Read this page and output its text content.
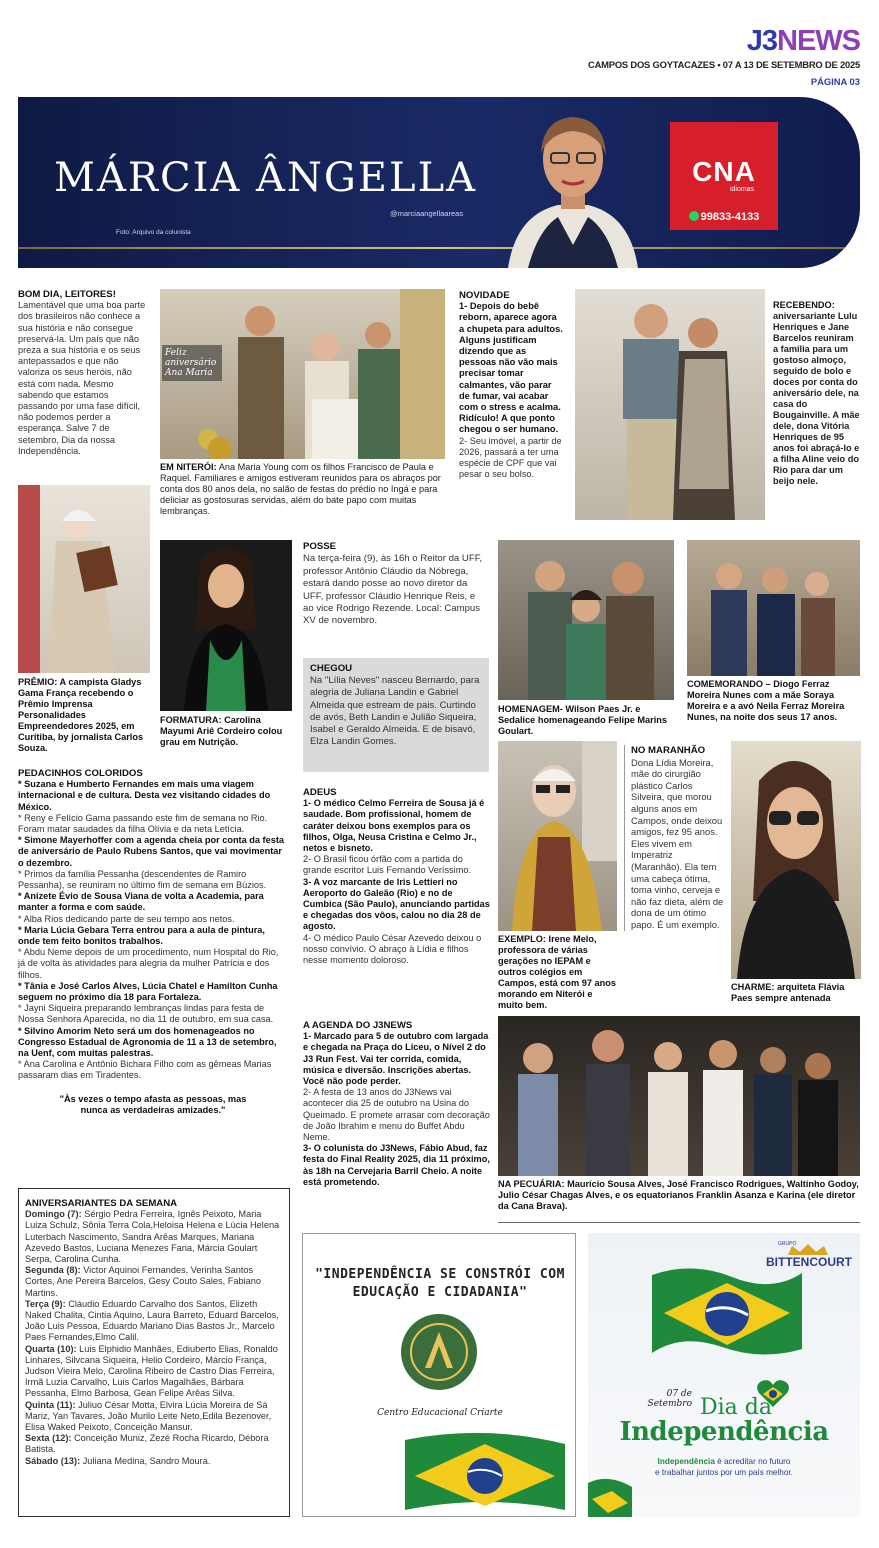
J3NEWS
CAMPOS DOS GOYTACAZES • 07 A 13 DE SETEMBRO DE 2025
PÁGINA 03
MÁRCIA ÂNGELLA
@marciaangellaareas
Foto: Arquivo da colunista
CNA
idiomas
99833-4133
BOM DIA, LEITORES!
Lamentável que uma boa parte dos brasileiros não conhece a sua história e não consegue preservá-la. Um país que não preza a sua história e os seus antepassados e que não valoriza os seus heróis, não está com nada. Mesmo sabendo que estamos passando por uma fase difícil, não podemos perder a esperança. Salve 7 de setembro, Dia da nossa Independência.
Feliz aniversário Ana Maria
EM NITERÓI: Ana Maria Young com os filhos Francisco de Paula e Raquel. Familiares e amigos estiveram reunidos para os abraços por conta dos 80 anos dela, no salão de festas do prédio no Ingá e para deliciar as gostosuras servidas, além do bate papo com muitas lembranças.
NOVIDADE
1- Depois do bebê reborn, aparece agora a chupeta para adultos. Alguns justificam dizendo que as pessoas não vão mais precisar tomar calmantes, vão parar de fumar, vai acabar com o stress e acalma. Ridículo! A que ponto chegou o ser humano.
2- Seu imóvel, a partir de 2026, passará a ter uma espécie de CPF que vai pesar o seu bolso.
RECEBENDO: aniversariante Lulu Henriques e Jane Barcelos reuniram a família para um gostoso almoço, seguido de bolo e doces por conta do aniversário dele, na casa do Bougainville. A mãe dele, dona Vitória Henriques de 95 anos foi abraçá-lo e a filha Aline veio do Rio para dar um beijo nele.
PRÊMIO: A campista Gladys Gama França recebendo o Prêmio Imprensa Personalidades Empreendedores 2025, em Curitiba, by jornalista Carlos Souza.
FORMATURA: Carolina Mayumi Ariê Cordeiro colou grau em Nutrição.
POSSE
Na terça-feira (9), às 16h o Reitor da UFF, professor Antônio Cláudio da Nóbrega, estará dando posse ao novo diretor da UFF, professor Cláudio Henrique Reis, e ao vice Rodrigo Rezende. Local: Campus XV de novembro.
CHEGOU
Na "Lília Neves" nasceu Bernardo, para alegria de Juliana Landin e Gabriel Almeida que estream de pais. Curtindo de avós, Beth Landin e Julião Siqueira, Isabel e Geraldo Almeida. E de bisavó, Elza Landin Gomes.
HOMENAGEM- Wilson Paes Jr. e Sedalice homenageando Felipe Marins Goulart.
COMEMORANDO – Diogo Ferraz Moreira Nunes com a mãe Soraya Moreira e a avó Neila Ferraz Moreira Nunes, na noite dos seus 17 anos.
PEDACINHOS COLORIDOS
* Suzana e Humberto Fernandes em mais uma viagem internacional e de cultura. Desta vez visitando cidades do México.
* Reny e Felício Gama passando este fim de semana no Rio. Foram matar saudades da filha Olívia e da neta Letícia.
* Simone Mayerhoffer com a agenda cheia por conta da festa de aniversário de Paulo Rubens Santos, que vai movimentar o dezembro.
* Primos da família Pessanha (descendentes de Ramiro Pessanha), se reuniram no último fim de semana em Búzios.
* Anizete Évio de Sousa Viana de volta a Academia, para manter a forma e com saúde.
* Alba Rios dedicando parte de seu tempo aos netos.
* Maria Lúcia Gebara Terra entrou para a aula de pintura, onde tem feito bonitos trabalhos.
* Abdu Neme depois de um procedimento, num Hospital do Rio, já de volta às atividades para alegria da mulher Patrícia e dos filhos.
* Tânia e José Carlos Alves, Lúcia Chatel e Hamilton Cunha seguem no próximo dia 18 para Fortaleza.
* Jayni Siqueira preparando lembranças lindas para festa de Nossa Senhora Aparecida, no dia 11 de outubro, em sua casa.
* Silvino Amorim Neto será um dos homenageados no Congresso Estadual de Agronomia de 11 a 13 de setembro, na Uenf, com muitas palestras.
* Ana Carolina e Antônio Bichara Filho com as gêmeas Marias passaram dias em Tiradentes.
"Às vezes o tempo afasta as pessoas, mas nunca as verdadeiras amizades."
ADEUS
1- O médico Celmo Ferreira de Sousa já é saudade. Bom profissional, homem de caráter deixou bons exemplos para os filhos, Olga, Neusa Cristina e Celmo Jr., netos e bisneto.
2- O Brasil ficou órfão com a partida do grande escritor Luis Fernando Veríssimo.
3- A voz marcante de Iris Lettieri no Aeroporto do Galeão (Rio) e no de Cumbica (São Paulo), anunciando partidas e chegadas dos vôos, calou no dia 28 de agosto.
4- O médico Paulo César Azevedo deixou o nosso convívio. O abraço à Lídia e filhos nesse momento doloroso.
EXEMPLO: Irene Melo, professora de várias gerações no IEPAM e outros colégios em Campos, está com 97 anos morando em Niterói e muito bem.
NO MARANHÃO
Dona Lídia Moreira, mãe do cirurgião plástico Carlos Silveira, que morou alguns anos em Campos, onde deixou amigos, fez 95 anos. Eles vivem em Imperatriz (Maranhão). Ela tem uma cabeça ótima, toma vinho, cerveja e não faz dieta, além de dona de um ótimo papo. É um exemplo.
CHARME: arquiteta Flávia Paes sempre antenada
A AGENDA DO J3NEWS
1- Marcado para 5 de outubro com largada e chegada na Praça do Liceu, o Nível 2 do J3 Run Fest. Vai ter corrida, comida, música e diversão. Inscrições abertas. Você não pode perder.
2- A festa de 13 anos do J3News vai acontecer dia 25 de outubro na Usina do Queimado. E promete arrasar com decoração de João Ibrahim e menu do Buffet Abdu Neme.
3- O colunista do J3News, Fábio Abud, faz festa do Final Reality 2025, dia 11 próximo, às 18h na Cervejaria Barril Cheio. A noite está prometendo.	NA PECUÁRIA: Maurício Sousa Alves, José Francisco Rodrigues, Waltinho Godoy, Julio César Chagas Alves, e os equatorianos Franklin Asanza e Karina (ele diretor da Cana Brava).
ANIVERSARIANTES DA SEMANA
Domingo (7): Sérgio Pedra Ferreira, Ignês Peixoto, Maria Luiza Schulz, Sônia Terra Cola,Heloisa Helena e Lúcia Helena Luterbach Nascimento, Sandra Arêas Marques, Mariana Azevedo Bastos, Luciana Menezes Faria, Márcia Goulart Serpa, Carolina Cunha.
Segunda (8): Victor Aquinoi Fernandes, Verinha Santos Cortes, Ane Pereira Barcelos, Gesy Couto Sales, Fabiano Martins.
Terça (9): Cláudio Eduardo Carvalho dos Santos, Elizeth Naked Chalita, Cintia Aquino, Laura Barreto, Eduard Barcelos, João Luis Pessoa, Eduardo Mariano Dias Bastos Jr., Marcelo Paes Fernandes,Elmo Calil.
Quarta (10): Luis Elphidio Manhães, Ediuberto Elias, Ronaldo Linhares, Silvcana Siqueira, Helio Cordeiro, Márcio França, Judson Vieira Melo, Carolina Ribeiro de Castro Dias Ferreira, Irmã Luzia Carvalho, Luis Carlos Magalhães, Bárbara Pessanha, Elmo Barbosa, Gean Felipe Arêas Silva.
Quinta (11): Juliuo César Motta, Elvira Lúcia Moreira de Sá Mariz, Yan Tavares, João Murilo Leite Neto,Edila Bezenover, Elisa Waked Peixoto, Conceição Mansur.
Sexta (12): Conceição Muniz, Zezé Rocha Ricardo, Débora Batista.
Sábado (13): Juliana Medina, Sandro Moura.
"INDEPENDÊNCIA SE CONSTRÓI COM EDUCAÇÃO E CIDADANIA"
Centro Educacional Criarte
GRUPO
BITTENCOURT
07 de
Setembro Dia da
Independência
Independência é acreditar no futuro
e trabalhar juntos por um país melhor.
